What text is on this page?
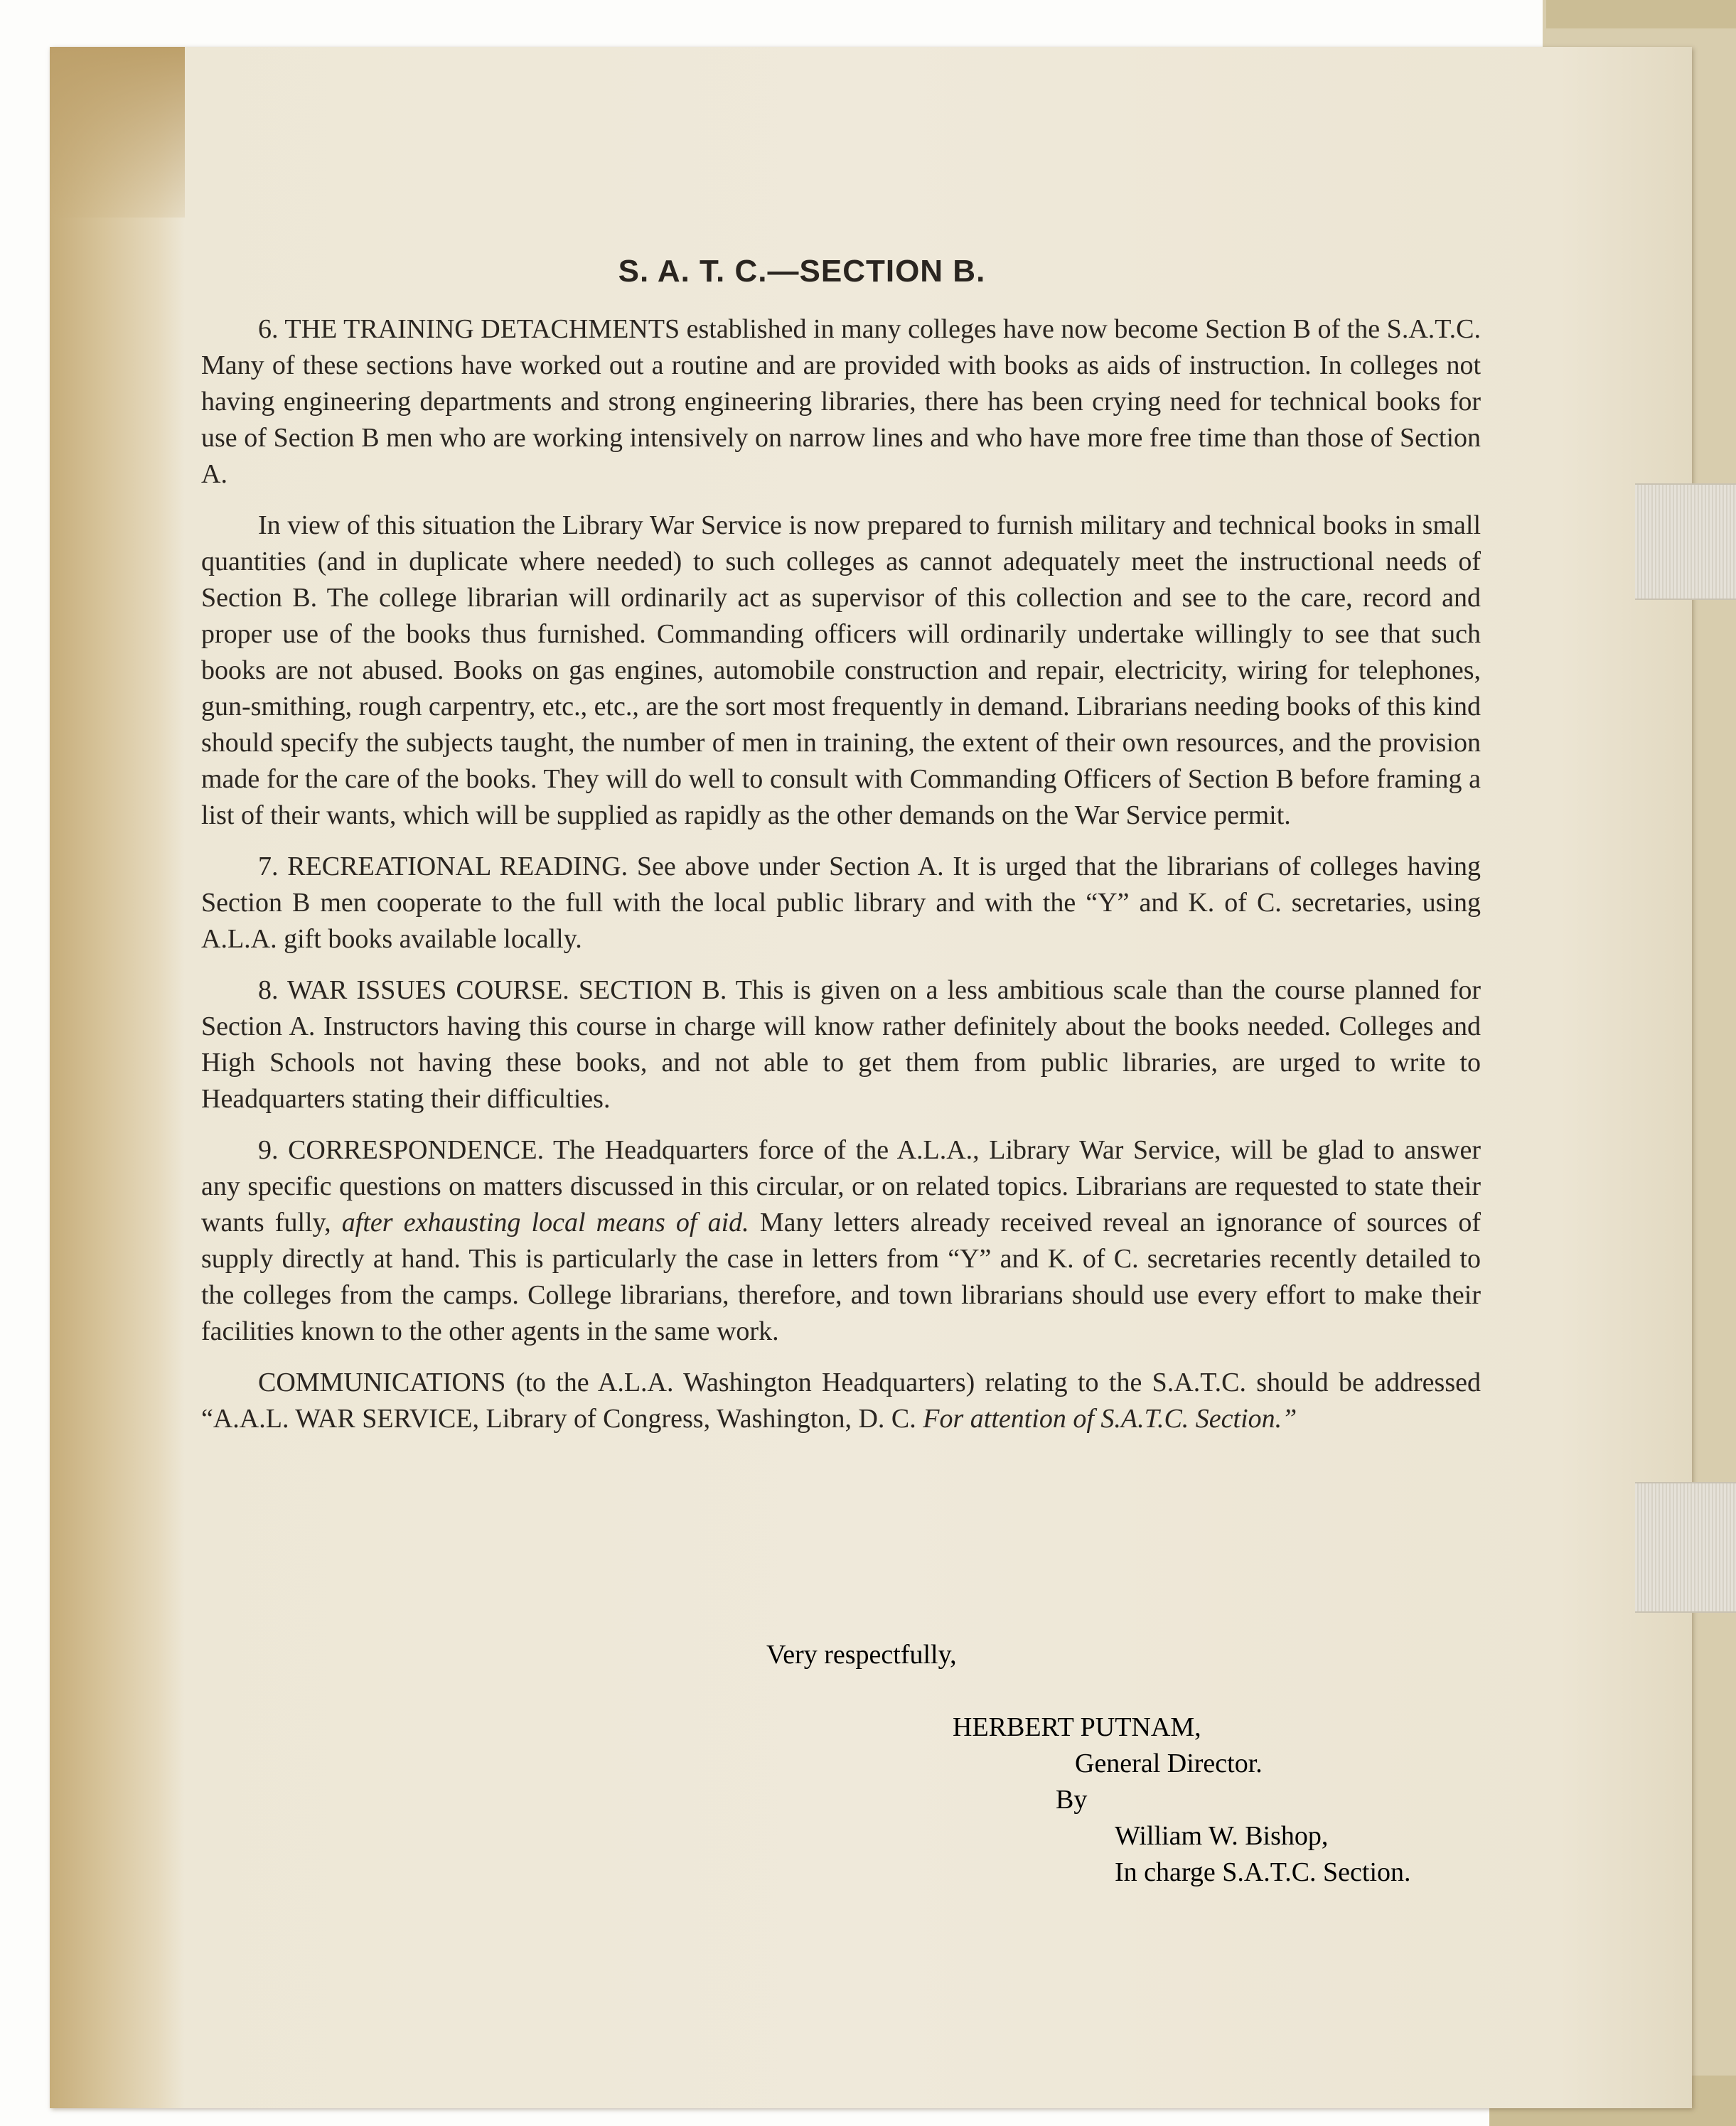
S. A. T. C.—SECTION B.

6. THE TRAINING DETACHMENTS established in many colleges have now become Section B of the S.A.T.C. Many of these sections have worked out a routine and are provided with books as aids of instruction. In colleges not having engineering departments and strong engineering libraries, there has been crying need for technical books for use of Section B men who are working intensively on narrow lines and who have more free time than those of Section A.

In view of this situation the Library War Service is now prepared to furnish military and technical books in small quantities (and in duplicate where needed) to such colleges as cannot adequately meet the instructional needs of Section B. The college librarian will ordinarily act as supervisor of this collection and see to the care, record and proper use of the books thus furnished. Commanding officers will ordinarily undertake willingly to see that such books are not abused. Books on gas engines, automobile construction and repair, electricity, wiring for telephones, gun-smithing, rough carpentry, etc., etc., are the sort most frequently in demand. Librarians needing books of this kind should specify the subjects taught, the number of men in training, the extent of their own resources, and the provision made for the care of the books. They will do well to consult with Commanding Officers of Section B before framing a list of their wants, which will be supplied as rapidly as the other demands on the War Service permit.

7. RECREATIONAL READING. See above under Section A. It is urged that the librarians of colleges having Section B men cooperate to the full with the local public library and with the “Y” and K. of C. secretaries, using A.L.A. gift books available locally.

8. WAR ISSUES COURSE. SECTION B. This is given on a less ambitious scale than the course planned for Section A. Instructors having this course in charge will know rather definitely about the books needed. Colleges and High Schools not having these books, and not able to get them from public libraries, are urged to write to Headquarters stating their difficulties.

9. CORRESPONDENCE. The Headquarters force of the A.L.A., Library War Service, will be glad to answer any specific questions on matters discussed in this circular, or on related topics. Librarians are requested to state their wants fully, after exhausting local means of aid. Many letters already received reveal an ignorance of sources of supply directly at hand. This is particularly the case in letters from “Y” and K. of C. secretaries recently detailed to the colleges from the camps. College librarians, therefore, and town librarians should use every effort to make their facilities known to the other agents in the same work.

COMMUNICATIONS (to the A.L.A. Washington Headquarters) relating to the S.A.T.C. should be addressed “A.A.L. WAR SERVICE, Library of Congress, Washington, D. C. For attention of S.A.T.C. Section.”

Very respectfully,
HERBERT PUTNAM,
General Director.
By
William W. Bishop,
In charge S.A.T.C. Section.
